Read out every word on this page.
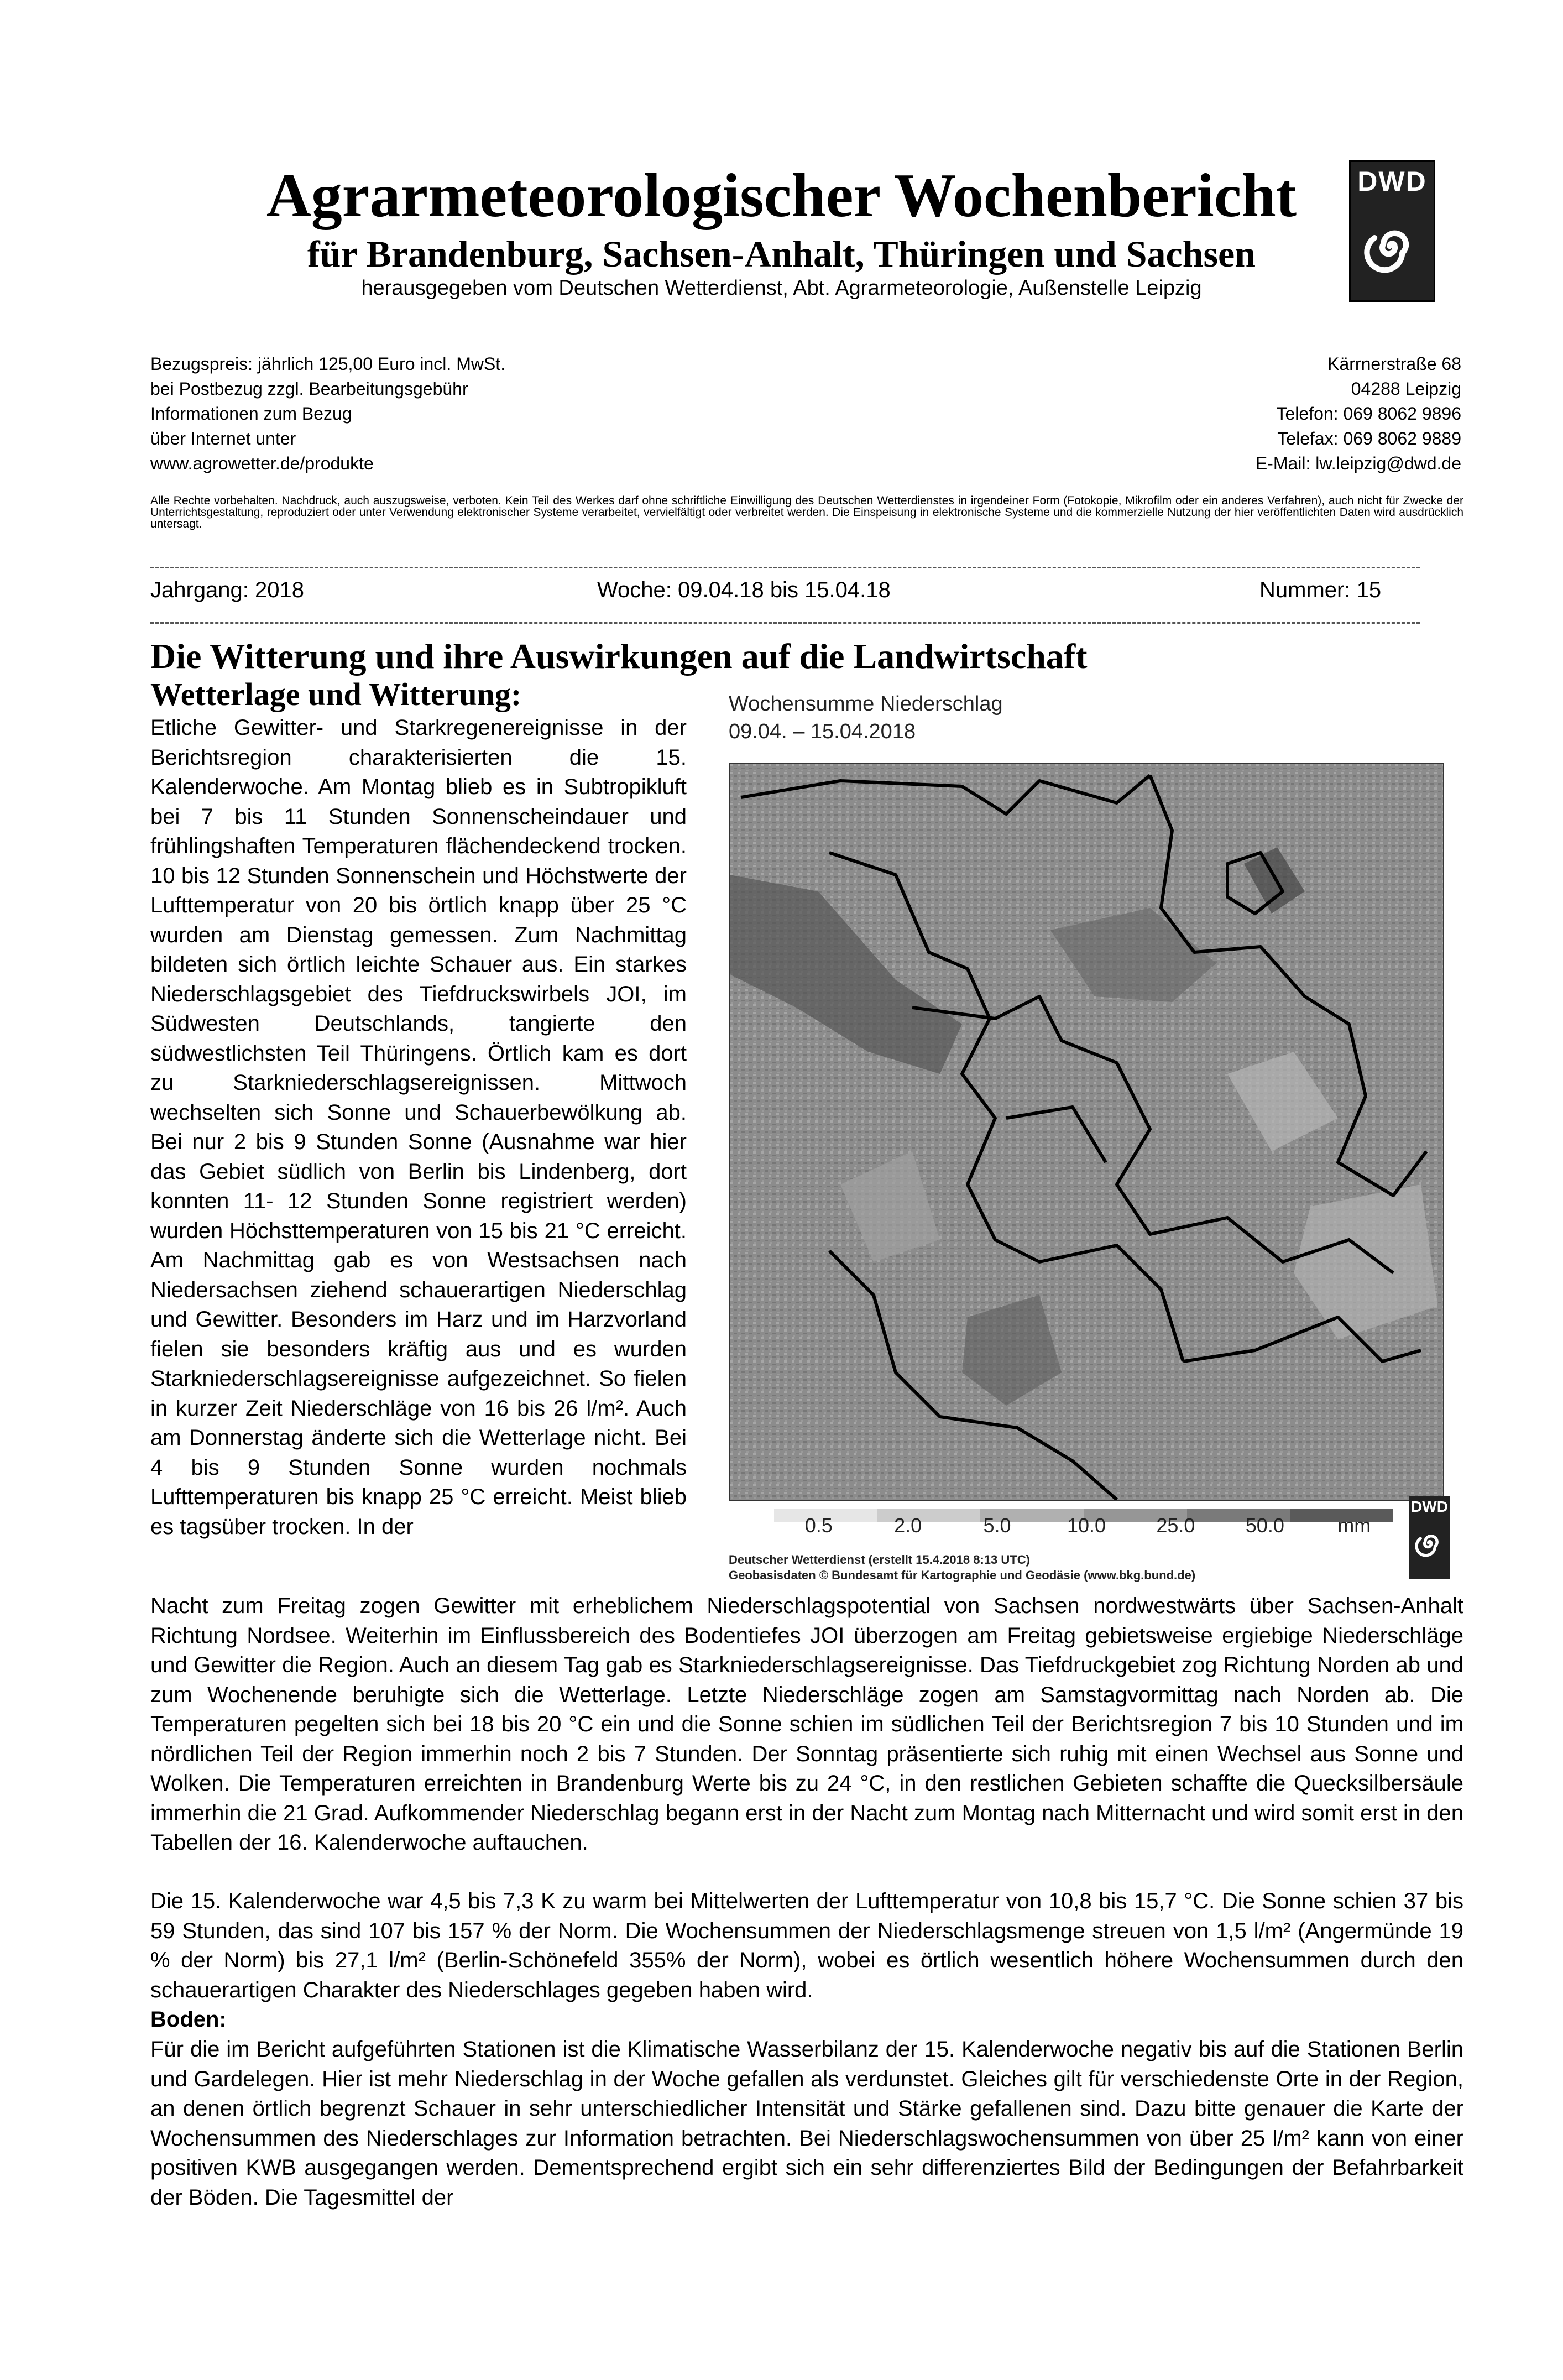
Agrarmeteorologischer Wochenbericht
für Brandenburg, Sachsen-Anhalt, Thüringen und Sachsen
herausgegeben vom Deutschen Wetterdienst, Abt. Agrarmeteorologie, Außenstelle Leipzig
DWD
Bezugspreis: jährlich 125,00 Euro incl. MwSt.
bei Postbezug zzgl. Bearbeitungsgebühr
Informationen zum Bezug
über Internet unter
www.agrowetter.de/produkte
Kärrnerstraße 68
04288 Leipzig
Telefon: 069 8062 9896
Telefax: 069 8062 9889
E-Mail: lw.leipzig@dwd.de
Alle Rechte vorbehalten. Nachdruck, auch auszugsweise, verboten. Kein Teil des Werkes darf ohne schriftliche Einwilligung des Deutschen Wetterdienstes in irgendeiner Form (Fotokopie, Mikrofilm oder ein anderes Verfahren), auch nicht für Zwecke der Unterrichtsgestaltung, reproduziert oder unter Verwendung elektronischer Systeme verarbeitet, vervielfältigt oder verbreitet werden. Die Einspeisung in elektronische Systeme und die kommerzielle Nutzung der hier veröffentlichten Daten wird ausdrücklich untersagt.
Jahrgang: 2018	Woche: 09.04.18 bis 15.04.18	Nummer: 15
Die Witterung und ihre Auswirkungen auf die Landwirtschaft
Wetterlage und Witterung:
Etliche Gewitter- und Starkregenereignisse in der Berichtsregion charakterisierten die 15. Kalenderwoche. Am Montag blieb es in Subtropikluft bei 7 bis 11 Stunden Sonnenscheindauer und frühlingshaften Temperaturen flächendeckend trocken. 10 bis 12 Stunden Sonnenschein und Höchstwerte der Lufttemperatur von 20 bis örtlich knapp über 25 °C wurden am Dienstag gemessen. Zum Nachmittag bildeten sich örtlich leichte Schauer aus. Ein starkes Niederschlagsgebiet des Tiefdruckswirbels JOI, im Südwesten Deutschlands, tangierte den südwestlichsten Teil Thüringens. Örtlich kam es dort zu Starkniederschlagsereignissen. Mittwoch wechselten sich Sonne und Schauerbewölkung ab. Bei nur 2 bis 9 Stunden Sonne (Ausnahme war hier das Gebiet südlich von Berlin bis Lindenberg, dort konnten 11- 12 Stunden Sonne registriert werden) wurden Höchsttemperaturen von 15 bis 21 °C erreicht. Am Nachmittag gab es von Westsachsen nach Niedersachsen ziehend schauerartigen Niederschlag und Gewitter. Besonders im Harz und im Harzvorland fielen sie besonders kräftig aus und es wurden Starkniederschlagsereignisse aufgezeichnet. So fielen in kurzer Zeit Niederschläge von 16 bis 26 l/m². Auch am Donnerstag änderte sich die Wetterlage nicht. Bei 4 bis 9 Stunden Sonne wurden nochmals Lufttemperaturen bis knapp 25 °C erreicht. Meist blieb es tagsüber trocken. In der
Wochensumme Niederschlag
09.04. – 15.04.2018
0.5	2.0	5.0	10.0	25.0	50.0	mm
Deutscher Wetterdienst (erstellt 15.4.2018 8:13 UTC)
Geobasisdaten © Bundesamt für Kartographie und Geodäsie (www.bkg.bund.de)
DWD
Nacht zum Freitag zogen Gewitter mit erheblichem Niederschlagspotential von Sachsen nordwestwärts über Sachsen-Anhalt Richtung Nordsee. Weiterhin im Einflussbereich des Bodentiefes JOI überzogen am Freitag gebietsweise ergiebige Niederschläge und Gewitter die Region. Auch an diesem Tag gab es Starkniederschlagsereignisse. Das Tiefdruckgebiet zog Richtung Norden ab und zum Wochenende beruhigte sich die Wetterlage. Letzte Niederschläge zogen am Samstagvormittag nach Norden ab. Die Temperaturen pegelten sich bei 18 bis 20 °C ein und die Sonne schien im südlichen Teil der Berichtsregion 7 bis 10 Stunden und im nördlichen Teil der Region immerhin noch 2 bis 7 Stunden. Der Sonntag präsentierte sich ruhig mit einen Wechsel aus Sonne und Wolken. Die Temperaturen erreichten in Brandenburg Werte bis zu 24 °C, in den restlichen Gebieten schaffte die Quecksilbersäule immerhin die 21 Grad. Aufkommender Niederschlag begann erst in der Nacht zum Montag nach Mitternacht und wird somit erst in den Tabellen der 16. Kalenderwoche auftauchen.
Die 15. Kalenderwoche war 4,5 bis 7,3 K zu warm bei Mittelwerten der Lufttemperatur von 10,8 bis 15,7 °C. Die Sonne schien 37 bis 59 Stunden, das sind 107 bis 157 % der Norm. Die Wochensummen der Niederschlagsmenge streuen von 1,5 l/m² (Angermünde 19 % der Norm) bis 27,1 l/m² (Berlin-Schönefeld 355% der Norm), wobei es örtlich wesentlich höhere Wochensummen durch den schauerartigen Charakter des Niederschlages gegeben haben wird.
Boden:
Für die im Bericht aufgeführten Stationen ist die Klimatische Wasserbilanz der 15. Kalenderwoche negativ bis auf die Stationen Berlin und Gardelegen. Hier ist mehr Niederschlag in der Woche gefallen als verdunstet. Gleiches gilt für verschiedenste Orte in der Region, an denen örtlich begrenzt Schauer in sehr unterschiedlicher Intensität und Stärke gefallenen sind. Dazu bitte genauer die Karte der Wochensummen des Niederschlages zur Information betrachten. Bei Niederschlagswochensummen von über 25 l/m² kann von einer positiven KWB ausgegangen werden. Dementsprechend ergibt sich ein sehr differenziertes Bild der Bedingungen der Befahrbarkeit der Böden. Die Tagesmittel der
